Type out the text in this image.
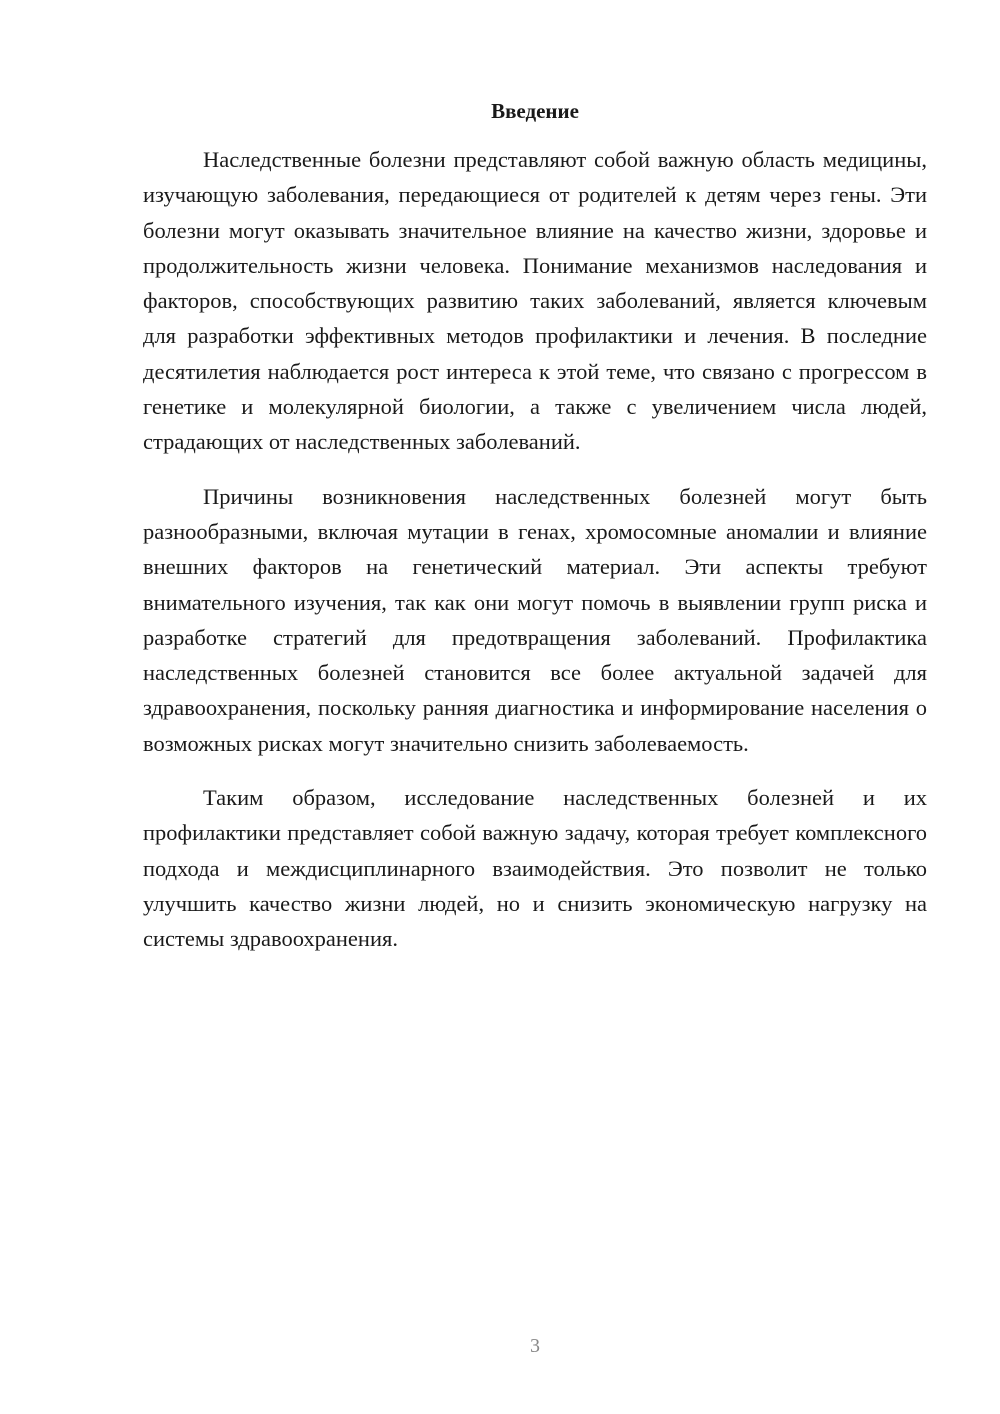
Введение

Наследственные болезни представляют собой важную область медицины, изучающую заболевания, передающиеся от родителей к детям через гены. Эти болезни могут оказывать значительное влияние на качество жизни, здоровье и продолжительность жизни человека. Понимание механизмов наследования и факторов, способствующих развитию таких заболеваний, является ключевым для разработки эффективных методов профилактики и лечения. В последние десятилетия наблюдается рост интереса к этой теме, что связано с прогрессом в генетике и молекулярной биологии, а также с увеличением числа людей, страдающих от наследственных заболеваний.

Причины возникновения наследственных болезней могут быть разнообразными, включая мутации в генах, хромосомные аномалии и влияние внешних факторов на генетический материал. Эти аспекты требуют внимательного изучения, так как они могут помочь в выявлении групп риска и разработке стратегий для предотвращения заболеваний. Профилактика наследственных болезней становится все более актуальной задачей для здравоохранения, поскольку ранняя диагностика и информирование населения о возможных рисках могут значительно снизить заболеваемость.

Таким образом, исследование наследственных болезней и их профилактики представляет собой важную задачу, которая требует комплексного подхода и междисциплинарного взаимодействия. Это позволит не только улучшить качество жизни людей, но и снизить экономическую нагрузку на системы здравоохранения.

3
